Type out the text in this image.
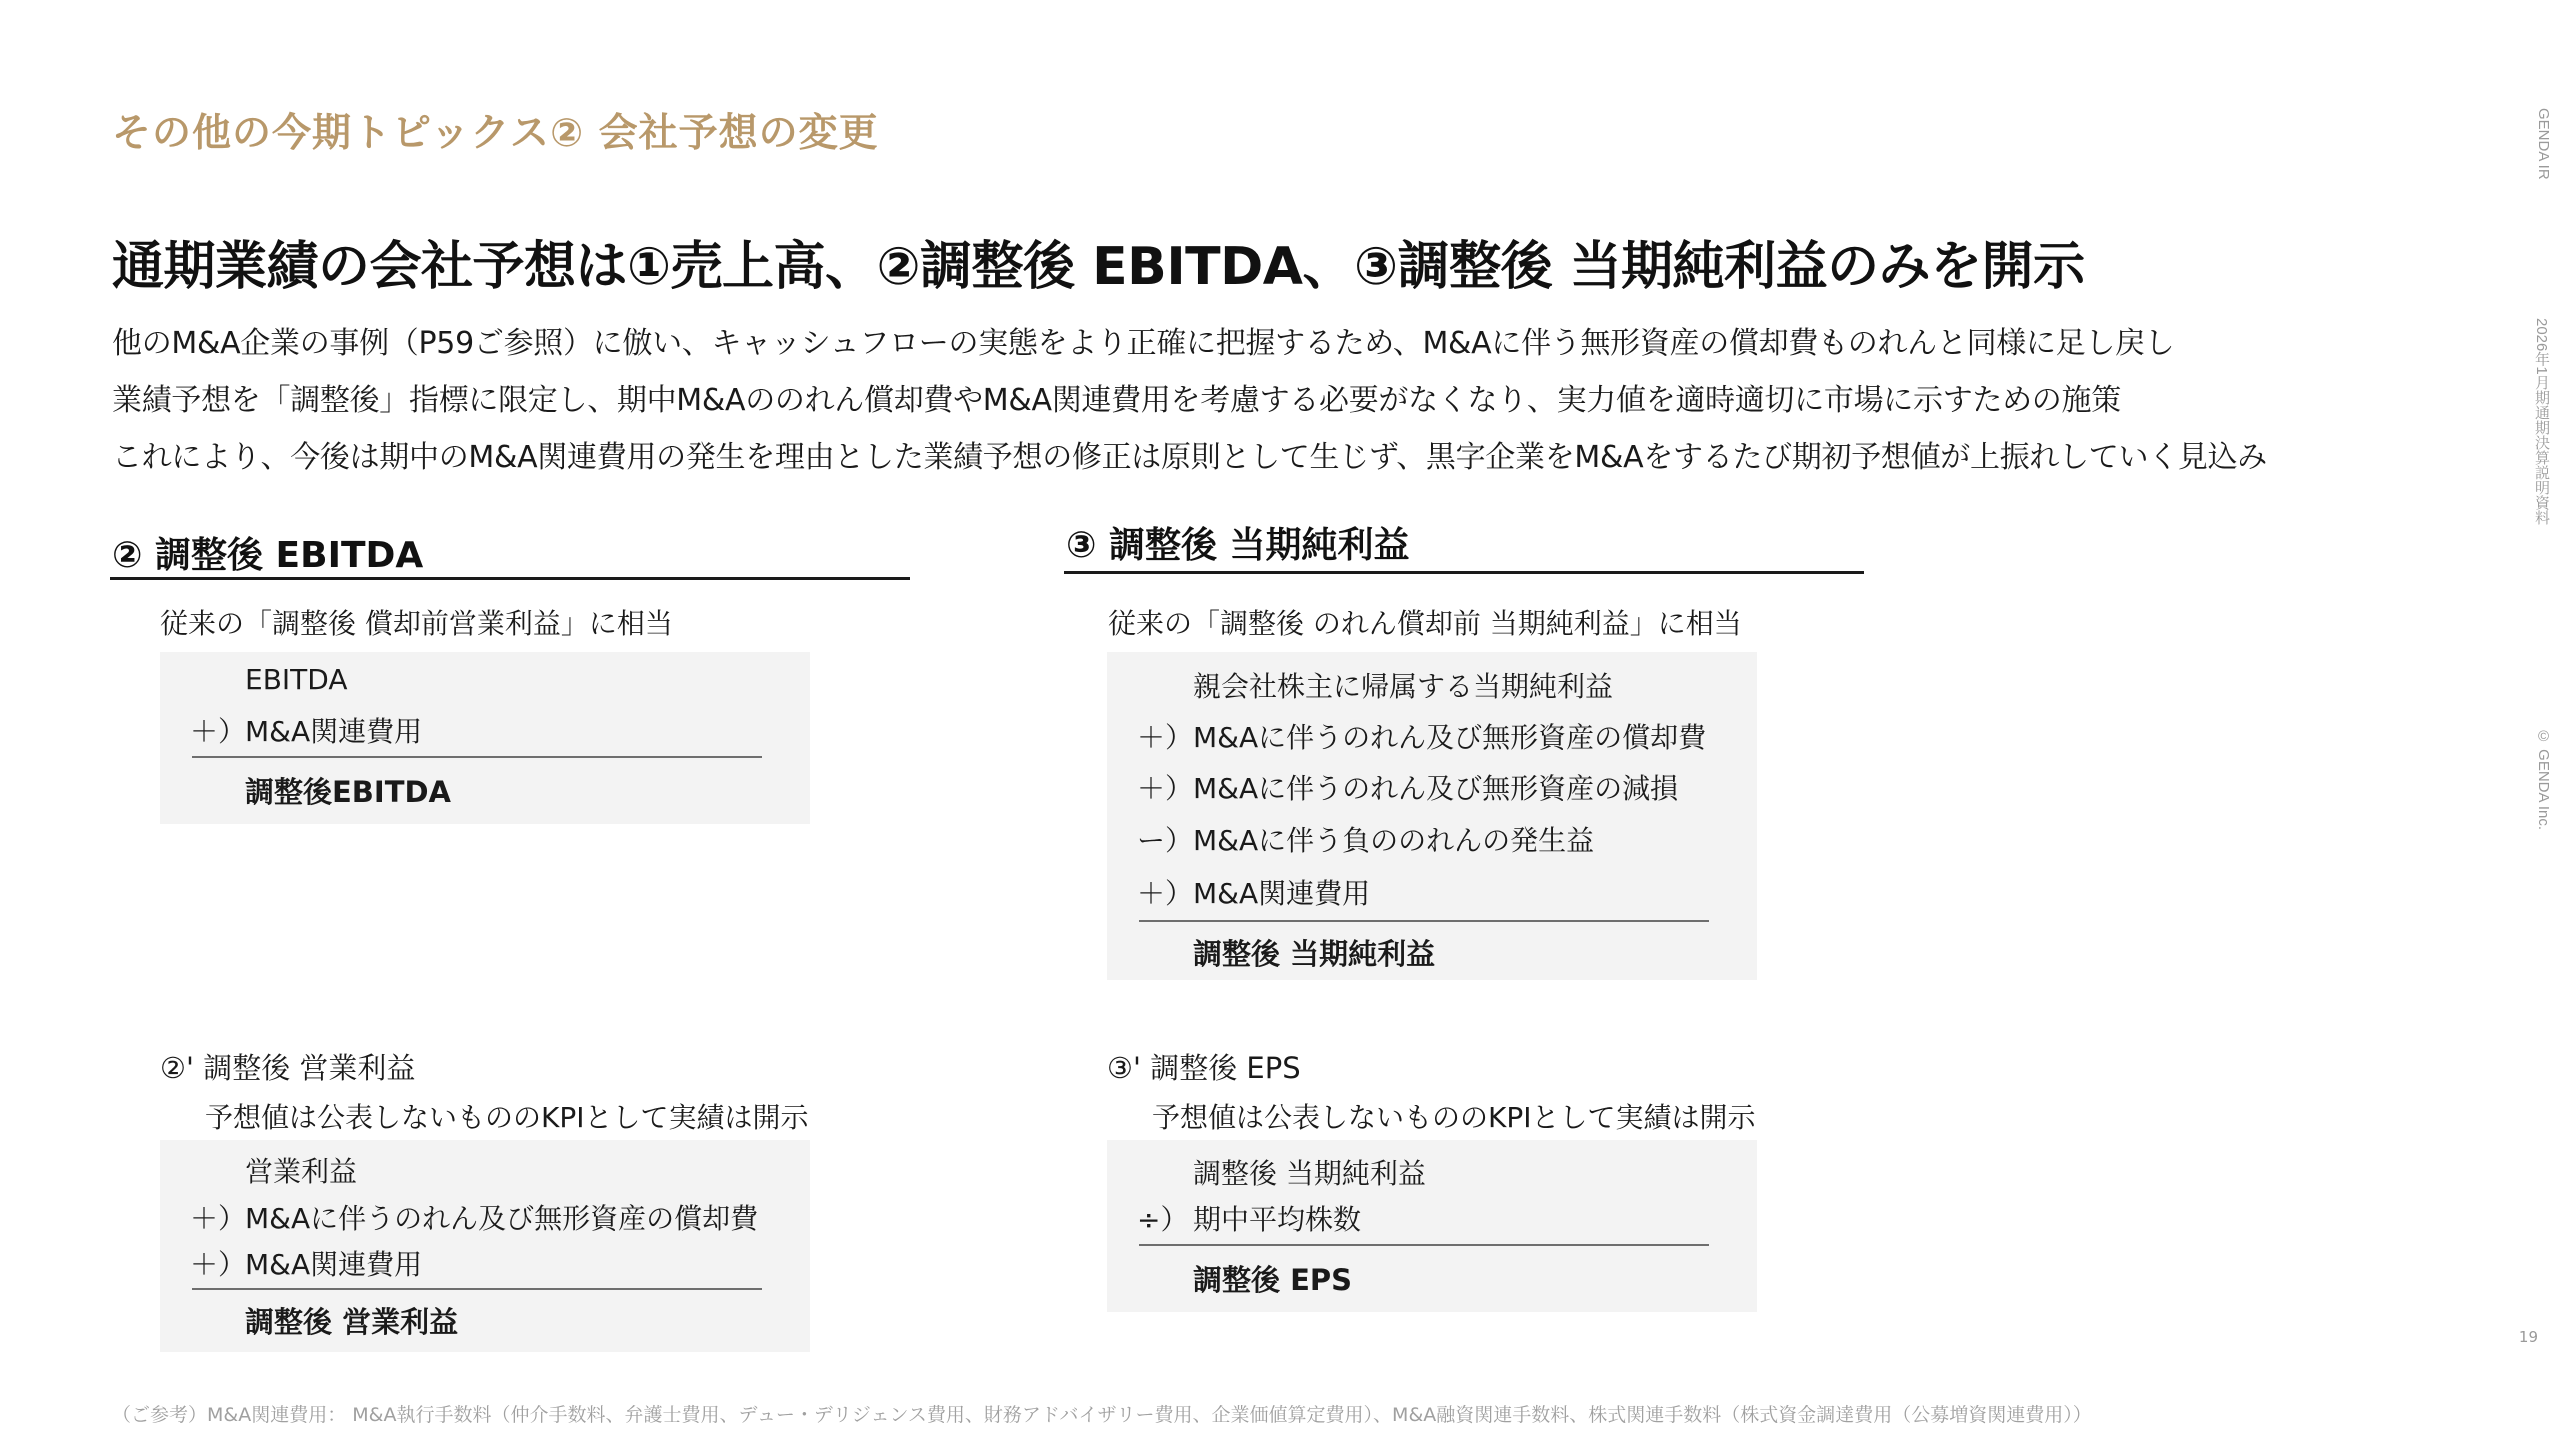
その他の今期トピックス② 会社予想の変更
通期業績の会社予想は①売上高、②調整後 EBITDA、③調整後 当期純利益のみを開示
他のM&A企業の事例（P59ご参照）に倣い、キャッシュフローの実態をより正確に把握するため、M&Aに伴う無形資産の償却費ものれんと同様に足し戻し
業績予想を「調整後」指標に限定し、期中M&Aののれん償却費やM&A関連費用を考慮する必要がなくなり、実力値を適時適切に市場に示すための施策
これにより、今後は期中のM&A関連費用の発生を理由とした業績予想の修正は原則として生じず、黒字企業をM&Aをするたび期初予想値が上振れしていく見込み
GENDA IR
2026年1月期通期決算説明資料
© GENDA Inc.
19
② 調整後 EBITDA
従来の「調整後 償却前営業利益」に相当
EBITDA
＋）
M&A関連費用
調整後EBITDA
③ 調整後 当期純利益
従来の「調整後 のれん償却前 当期純利益」に相当
親会社株主に帰属する当期純利益
＋） M&Aに伴うのれん及び無形資産の償却費
＋） M&Aに伴うのれん及び無形資産の減損
ー） M&Aに伴う負ののれんの発生益
＋） M&A関連費用
調整後 当期純利益
②' 調整後 営業利益
予想値は公表しないもののKPIとして実績は開示
営業利益
＋）
M&Aに伴うのれん及び無形資産の償却費
＋）
M&A関連費用
調整後 営業利益
③' 調整後 EPS
予想値は公表しないもののKPIとして実績は開示
調整後 当期純利益
÷） 期中平均株数
調整後 EPS
（ご参考）M&A関連費用： M&A執行手数料（仲介手数料、弁護士費用、デュー・デリジェンス費用、財務アドバイザリー費用、企業価値算定費用）、M&A融資関連手数料、株式関連手数料（株式資金調達費用（公募増資関連費用））
